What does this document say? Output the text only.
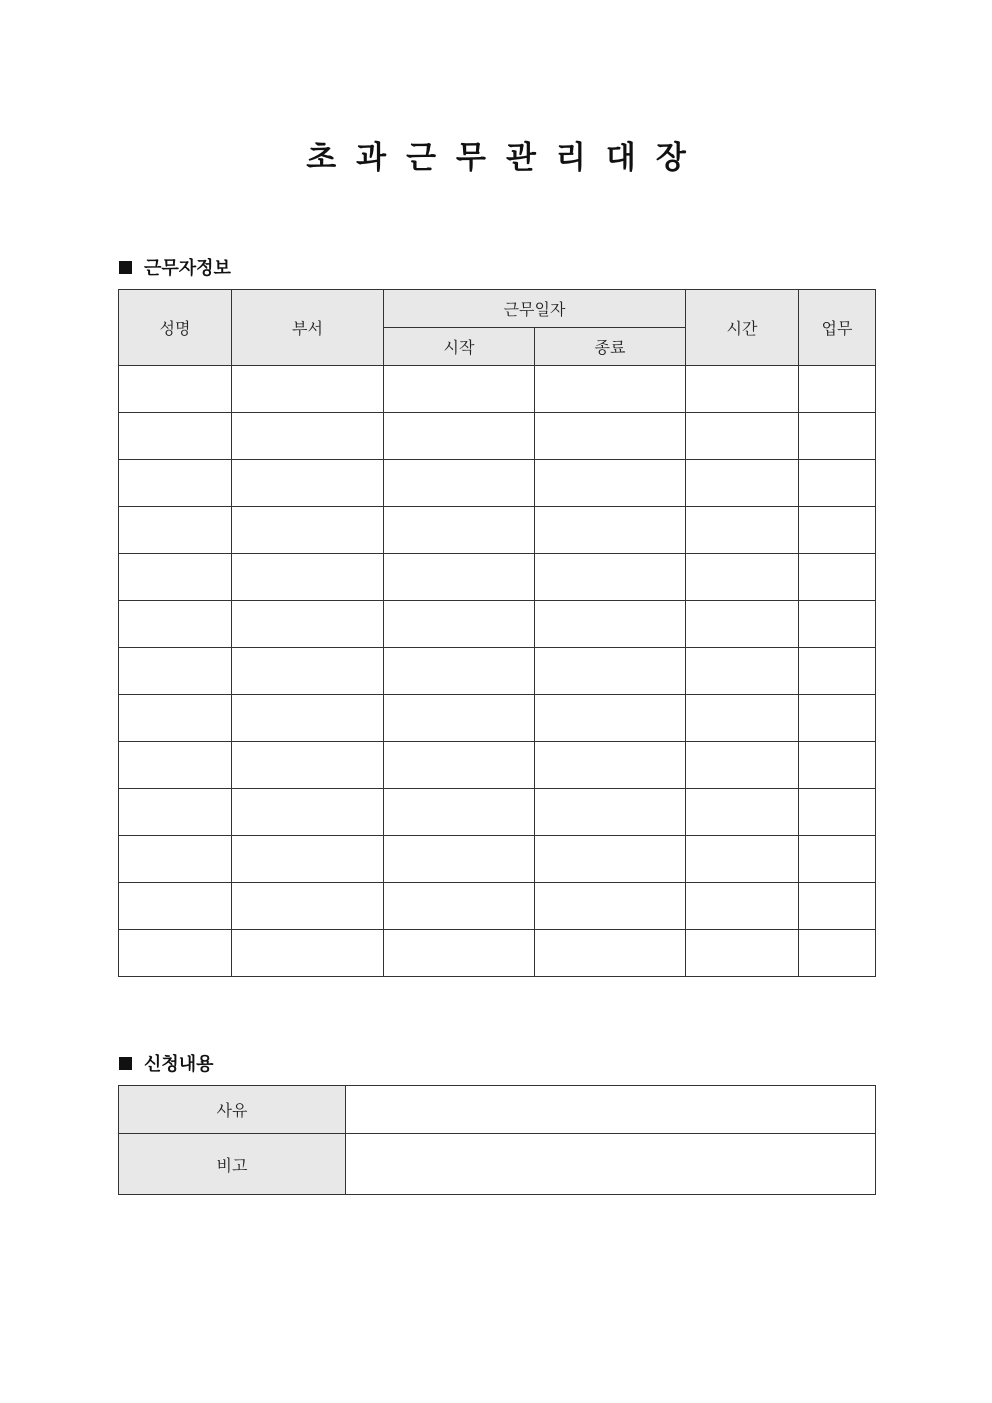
초과근무관리대장
근무자정보
성명	부서	근무일자		시간	업무
		시작	종료		

신청내용
사유	
비고	
